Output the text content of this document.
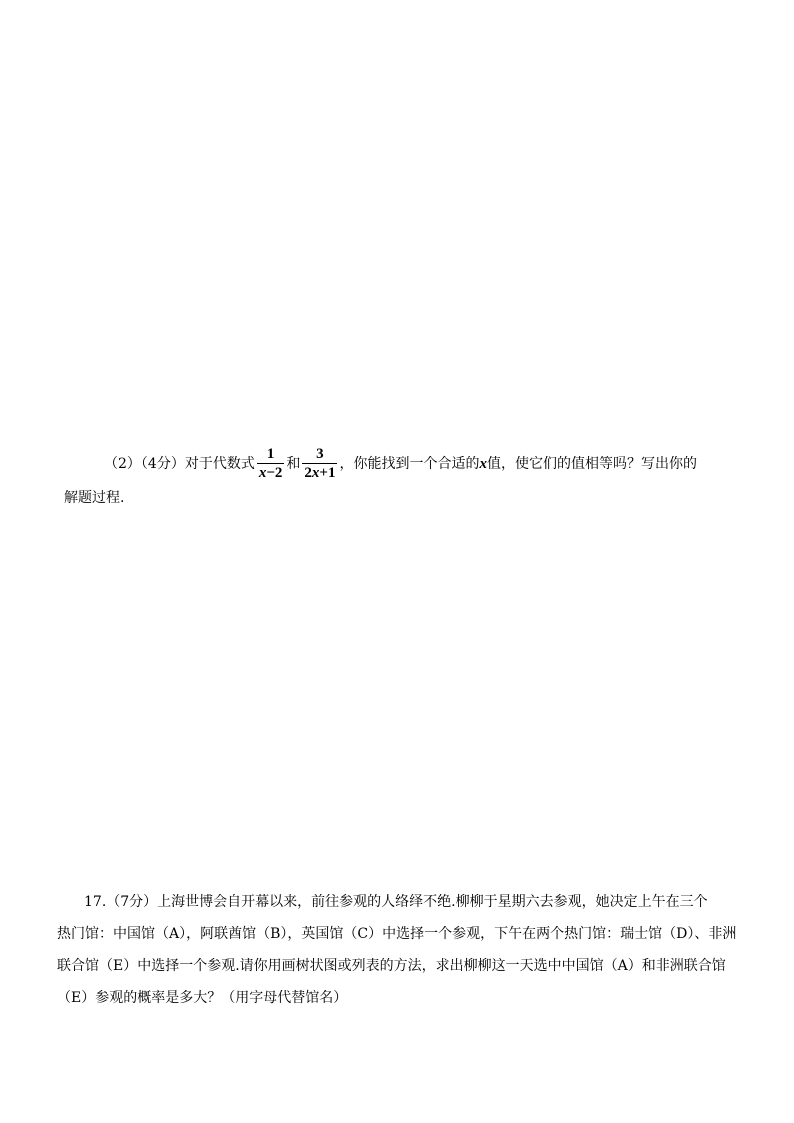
（2）（4分）对于代数式 $\frac{1}{x-2}$ 和 $\frac{3}{2x+1}$ ，你能找到一个合适的x值，使它们的值相等吗？写出你的
解题过程.
17.（7分）上海世博会自开幕以来，前往参观的人络绎不绝.柳柳于星期六去参观，她决定上午在三个
热门馆：中国馆（A），阿联酋馆（B），英国馆（C）中选择一个参观，下午在两个热门馆：瑞士馆（D）、非洲
联合馆（E）中选择一个参观.请你用画树状图或列表的方法，求出柳柳这一天选中中国馆（A）和非洲联合馆
（E）参观的概率是多大？（用字母代替馆名）
